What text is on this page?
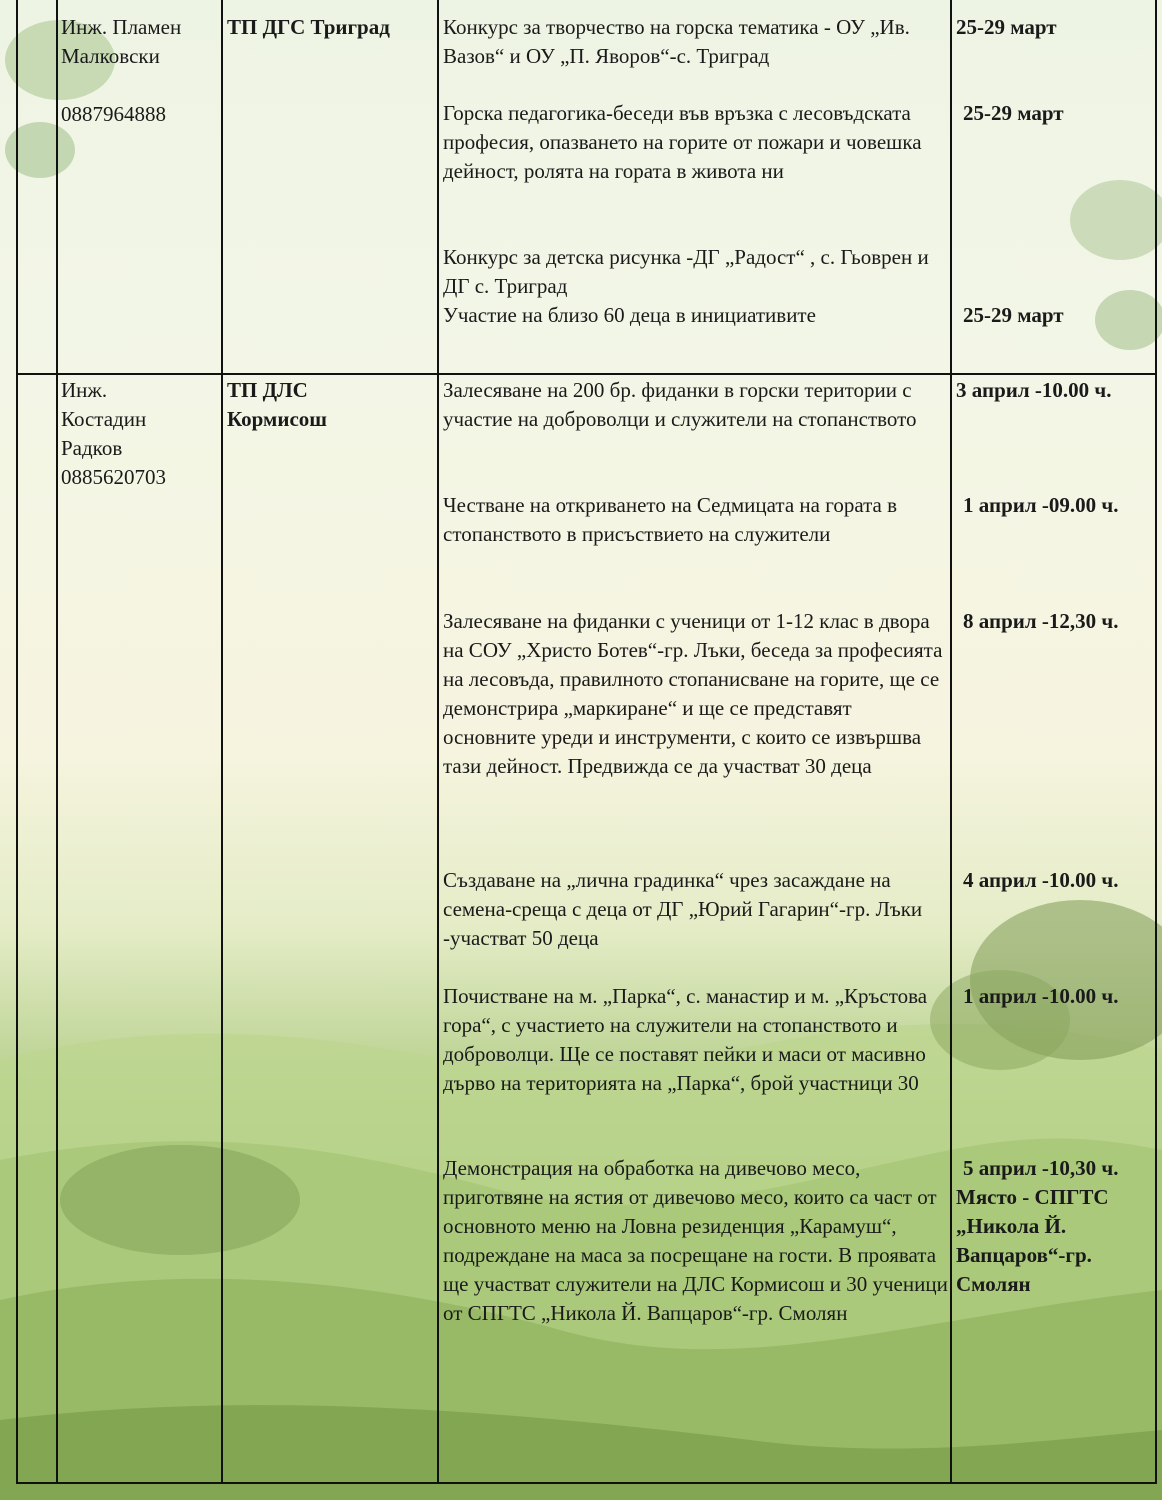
Инж. Пламен

Малковски

0887964888

ТП ДГС Триград	Конкурс за творчество на горска тематика - ОУ „Ив. Вазов“ и ОУ „П. Яворов“-с. Триград
25-29 март
Горска педагогика-беседи във връзка с лесовъдската професия, опазването на горите от пожари и човешка дейност, ролята на гората в живота ни
25-29 март
Конкурс за детска рисунка -ДГ „Радост“ , с. Гьоврен и ДГ с. Триград
Участие на близо 60 деца в инициативите	25-29 март

Инж.

Костадин

Радков

0885620703

ТП ДЛС

Кормисош

Залесяване на 200 бр. фиданки в горски територии с участие на доброволци и служители на стопанството
3 април -10.00 ч.
Честване на откриването на Седмицата на гората в стопанството в присъствието на служители
1 април -09.00 ч.
Залесяване на фиданки с ученици от 1-12 клас в двора на СОУ „Христо Ботев“-гр. Лъки, беседа за професията на лесовъда, правилното стопанисване на горите, ще се демонстрира „маркиране“ и ще се представят основните уреди и инструменти, с които се извършва тази дейност. Предвижда се да участват 30 деца
8 април -12,30 ч.
Създаване на „лична градинка“ чрез засаждане на семена-среща с деца от ДГ „Юрий Гагарин“-гр. Лъки -участват 50 деца
4 април -10.00 ч.
Почистване на м. „Парка“, с. манастир и м. „Кръстова гора“, с участието на служители на стопанството и доброволци. Ще се поставят пейки и маси от масивно дърво на територията на „Парка“, брой участници 30
1 април -10.00 ч.
Демонстрация на обработка на дивечово месо, приготвяне на ястия от дивечово месо, които са част от основното меню на Ловна резиденция „Карамуш“, подреждане на маса за посрещане на гости. В проявата ще участват служители на ДЛС Кормисош и 30 ученици от СПГТС „Никола Й. Вапцаров“-гр. Смолян

5 април -10,30 ч.

Място - СПГТС

„Никола Й.

Вапцаров“-гр.

Смолян
